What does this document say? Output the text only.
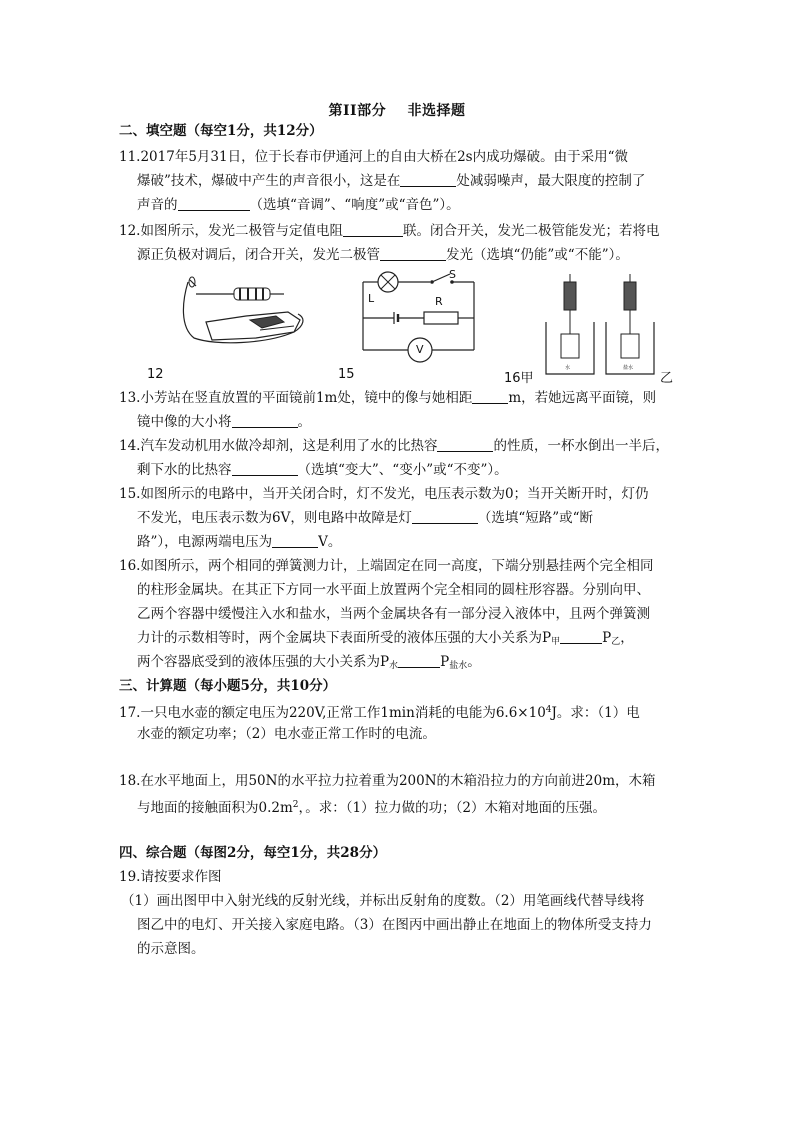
第II部分 非选择题
二、填空题（每空1分，共12分）
11.2017年5月31日，位于长春市伊通河上的自由大桥在2s内成功爆破。由于采用“微
爆破”技术，爆破中产生的声音很小，这是在	处减弱噪声，最大限度的控制了
声音的	（选填“音调”、“响度”或“音色”）。
12.如图所示，发光二极管与定值电阻	联。闭合开关，发光二极管能发光；若将电
源正负极对调后，闭合开关，发光二极管	发光（选填“仍能”或“不能”）。
12
L
S
R
V
15	水	盐水
16甲	乙
13.小芳站在竖直放置的平面镜前1m处，镜中的像与她相距	m，若她远离平面镜，则
镜中像的大小将	。
14.汽车发动机用水做冷却剂，这是利用了水的比热容	的性质，一杯水倒出一半后，
剩下水的比热容	（选填“变大”、“变小”或“不变”）。
15.如图所示的电路中，当开关闭合时，灯不发光，电压表示数为0；当开关断开时，灯仍
不发光，电压表示数为6V，则电路中故障是灯	（选填“短路”或“断
路”），电源两端电压为	V。
16.如图所示，两个相同的弹簧测力计，上端固定在同一高度，下端分别悬挂两个完全相同
的柱形金属块。在其正下方同一水平面上放置两个完全相同的圆柱形容器。分别向甲、
乙两个容器中缓慢注入水和盐水，当两个金属块各有一部分浸入液体中，且两个弹簧测
力计的示数相等时，两个金属块下表面所受的液体压强的大小关系为$P_甲$	$P_乙$，
两个容器底受到的液体压强的大小关系为$P_水$	$P_{盐水}$。
三、计算题（每小题5分，共10分）
17.一只电水壶的额定电压为220V,正常工作1min消耗的电能为$6.6\times 10^4J$。求：（1）电
水壶的额定功率；（2）电水壶正常工作时的电流。
18.在水平地面上，用50N的水平拉力拉着重为200N的木箱沿拉力的方向前进20m，木箱
与地面的接触面积为$0.2m^2$，。求：（1）拉力做的功；（2）木箱对地面的压强。
四、综合题（每图2分，每空1分，共28分）
19.请按要求作图
（1）画出图甲中入射光线的反射光线，并标出反射角的度数。（2）用笔画线代替导线将
图乙中的电灯、开关接入家庭电路。（3）在图丙中画出静止在地面上的物体所受支持力
的示意图。
